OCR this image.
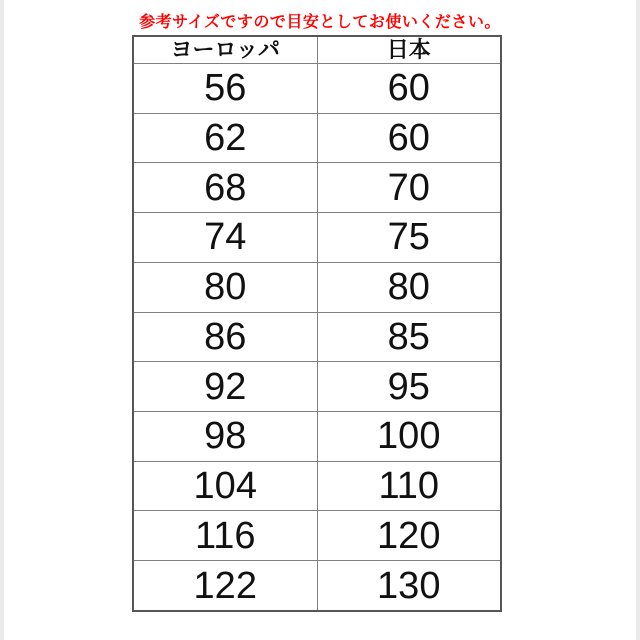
参考サイズですので目安としてお使いください。
ヨーロッパ	日本
56	60
62	60
68	70
74	75
80	80
86	85
92	95
98	100
104	110
116	120
122	130
